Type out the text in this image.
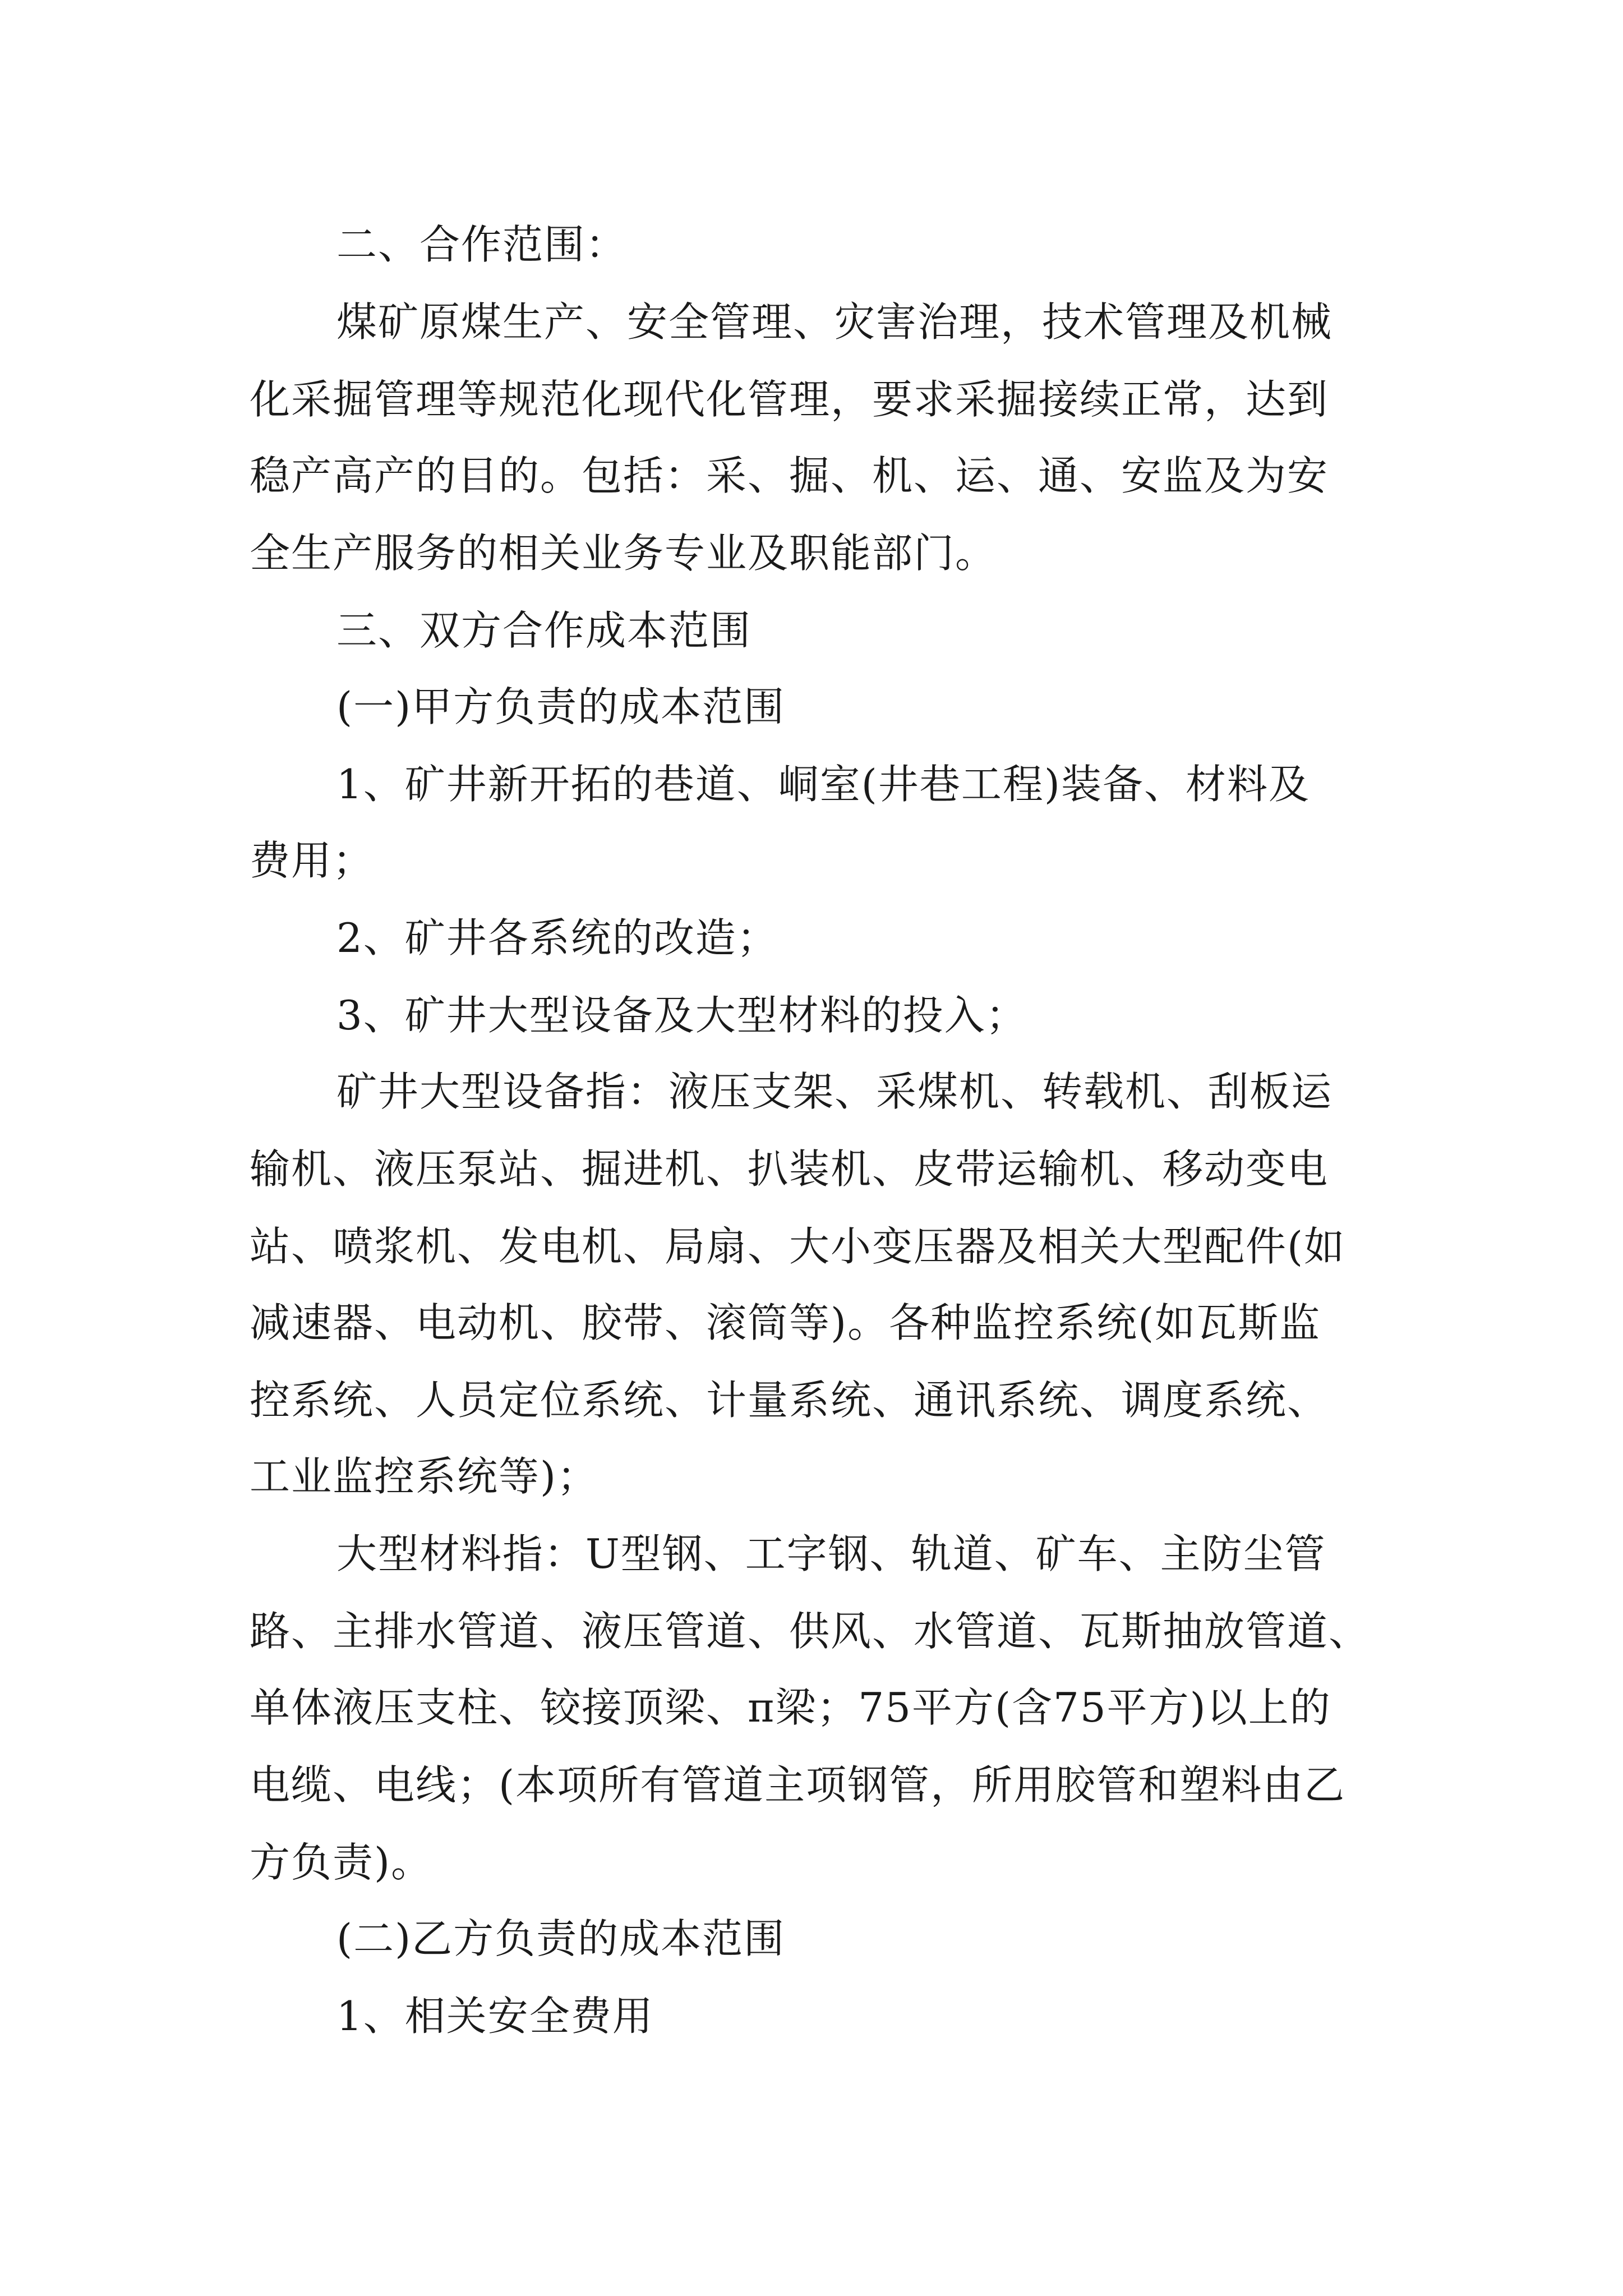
二、合作范围：
煤矿原煤生产、安全管理、灾害治理，技术管理及机械
化采掘管理等规范化现代化管理，要求采掘接续正常，达到
稳产高产的目的。包括：采、掘、机、运、通、安监及为安
全生产服务的相关业务专业及职能部门。
三、双方合作成本范围
(一)甲方负责的成本范围
1、矿井新开拓的巷道、峒室(井巷工程)装备、材料及
费用；
2、矿井各系统的改造；
3、矿井大型设备及大型材料的投入；
矿井大型设备指：液压支架、采煤机、转载机、刮板运
输机、液压泵站、掘进机、扒装机、皮带运输机、移动变电
站、喷浆机、发电机、局扇、大小变压器及相关大型配件(如
减速器、电动机、胶带、滚筒等)。各种监控系统(如瓦斯监
控系统、人员定位系统、计量系统、通讯系统、调度系统、
工业监控系统等)；
大型材料指：U型钢、工字钢、轨道、矿车、主防尘管
路、主排水管道、液压管道、供风、水管道、瓦斯抽放管道、
单体液压支柱、铰接顶梁、π梁；75平方(含75平方)以上的
电缆、电线；(本项所有管道主项钢管，所用胶管和塑料由乙
方负责)。
(二)乙方负责的成本范围
1、相关安全费用
